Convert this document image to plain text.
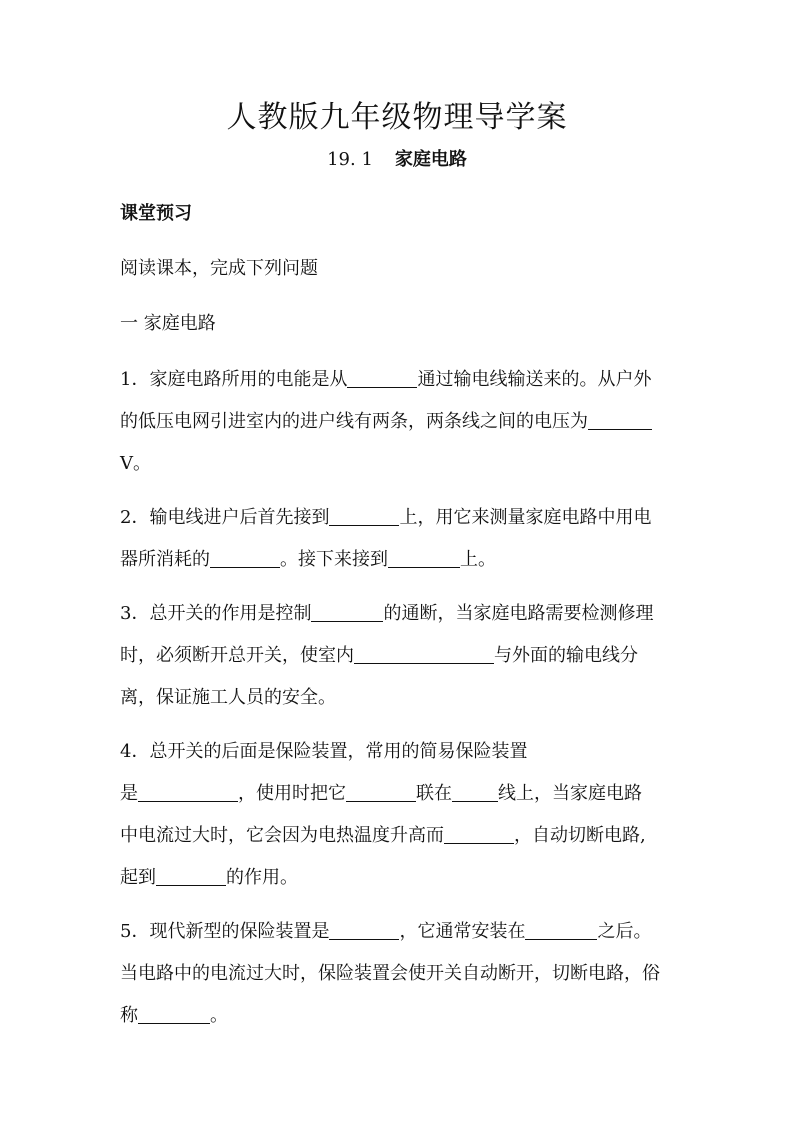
人教版九年级物理导学案
19. 1 家庭电路
课堂预习
阅读课本，完成下列问题
一 家庭电路
1．家庭电路所用的电能是从	通过输电线输送来的。从户外
的低压电网引进室内的进户线有两条，两条线之间的电压为
V。
2．输电线进户后首先接到	上，用它来测量家庭电路中用电
器所消耗的	。接下来接到	上。
3．总开关的作用是控制	的通断，当家庭电路需要检测修理
时，必须断开总开关，使室内	与外面的输电线分
离，保证施工人员的安全。
4．总开关的后面是保险装置，常用的简易保险装置
是	，使用时把它	联在	线上，当家庭电路
中电流过大时，它会因为电热温度升高而	，自动切断电路,
起到	的作用。
5．现代新型的保险装置是	，它通常安装在	之后。
当电路中的电流过大时，保险装置会使开关自动断开，切断电路，俗
称	。
